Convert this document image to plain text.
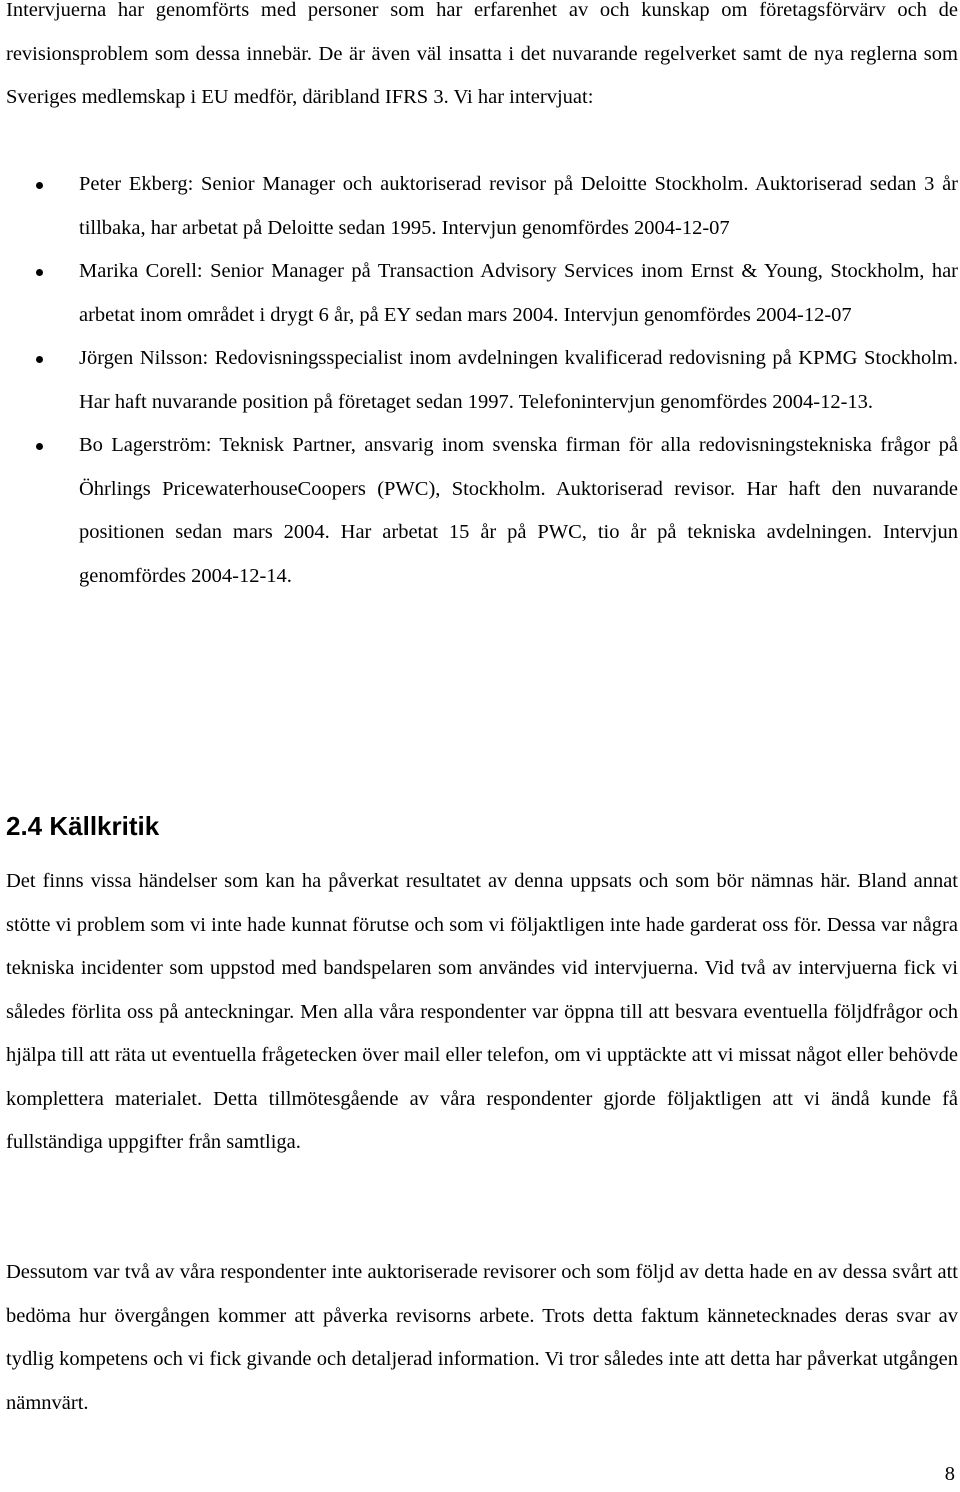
Intervjuerna har genomförts med personer som har erfarenhet av och kunskap om företagsförvärv och de revisionsproblem som dessa innebär. De är även väl insatta i det nuvarande regelverket samt de nya reglerna som Sveriges medlemskap i EU medför, däribland IFRS 3. Vi har intervjuat:

Peter Ekberg: Senior Manager och auktoriserad revisor på Deloitte Stockholm. Auktoriserad sedan 3 år tillbaka, har arbetat på Deloitte sedan 1995. Intervjun genomfördes 2004-12-07
Marika Corell: Senior Manager på Transaction Advisory Services inom Ernst & Young, Stockholm, har arbetat inom området i drygt 6 år, på EY sedan mars 2004. Intervjun genomfördes 2004-12-07
Jörgen Nilsson: Redovisningsspecialist inom avdelningen kvalificerad redovisning på KPMG Stockholm. Har haft nuvarande position på företaget sedan 1997. Telefonintervjun genomfördes 2004-12-13.
Bo Lagerström: Teknisk Partner, ansvarig inom svenska firman för alla redovisningstekniska frågor på Öhrlings PricewaterhouseCoopers (PWC), Stockholm. Auktoriserad revisor. Har haft den nuvarande positionen sedan mars 2004. Har arbetat 15 år på PWC, tio år på tekniska avdelningen. Intervjun genomfördes 2004-12-14.
2.4 Källkritik

Det finns vissa händelser som kan ha påverkat resultatet av denna uppsats och som bör nämnas här. Bland annat stötte vi problem som vi inte hade kunnat förutse och som vi följaktligen inte hade garderat oss för. Dessa var några tekniska incidenter som uppstod med bandspelaren som användes vid intervjuerna. Vid två av intervjuerna fick vi således förlita oss på anteckningar. Men alla våra respondenter var öppna till att besvara eventuella följdfrågor och hjälpa till att räta ut eventuella frågetecken över mail eller telefon, om vi upptäckte att vi missat något eller behövde komplettera materialet. Detta tillmötesgående av våra respondenter gjorde följaktligen att vi ändå kunde få fullständiga uppgifter från samtliga.

Dessutom var två av våra respondenter inte auktoriserade revisorer och som följd av detta hade en av dessa svårt att bedöma hur övergången kommer att påverka revisorns arbete. Trots detta faktum kännetecknades deras svar av tydlig kompetens och vi fick givande och detaljerad information. Vi tror således inte att detta har påverkat utgången nämnvärt.

8
